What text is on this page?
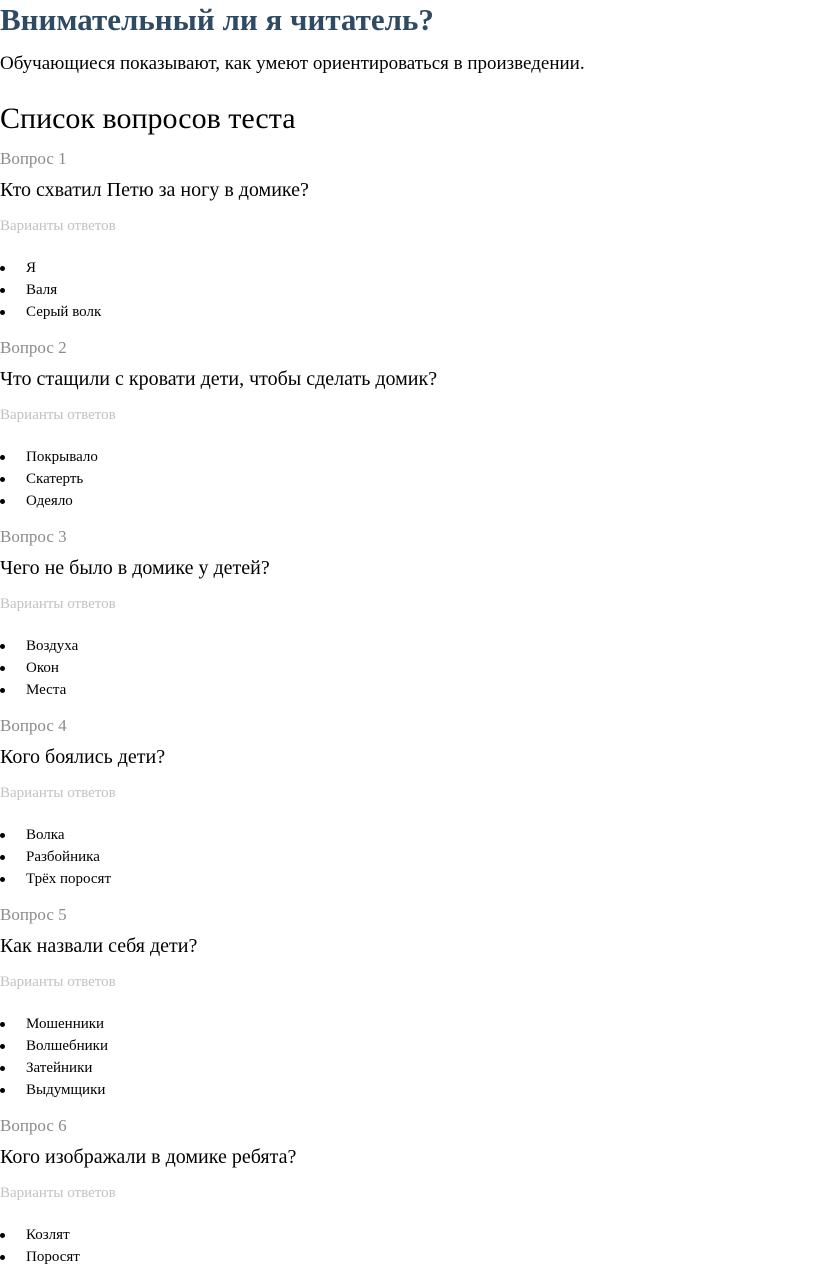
Внимательный ли я читатель?

Обучающиеся показывают, как умеют ориентироваться в произведении.

Список вопросов теста
Вопрос 1
Кто схватил Петю за ногу в домике?
Варианты ответов
Я
Валя
Серый волк
Вопрос 2
Что стащили с кровати дети, чтобы сделать домик?
Варианты ответов
Покрывало
Скатерть
Одеяло
Вопрос 3
Чего не было в домике у детей?
Варианты ответов
Воздуха
Окон
Места
Вопрос 4
Кого боялись дети?
Варианты ответов
Волка
Разбойника
Трёх поросят
Вопрос 5
Как назвали себя дети?
Варианты ответов
Мошенники
Волшебники
Затейники
Выдумщики
Вопрос 6
Кого изображали в домике ребята?
Варианты ответов
Козлят
Поросят
